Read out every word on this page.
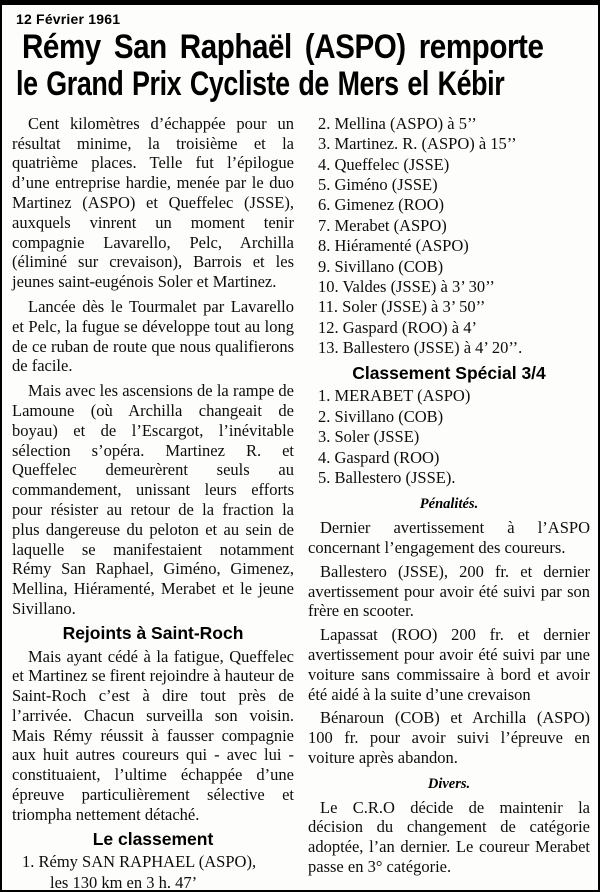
12 Février 1961
Rémy San Raphaël (ASPO) remporte
le Grand Prix Cycliste de Mers el Kébir

Cent kilomètres d’échappée pour un résultat minime, la troisième et la quatrième places. Telle fut l’épilogue d’une entreprise hardie, menée par le duo Martinez (ASPO) et Queffelec (JSSE), auxquels vinrent un moment tenir compagnie Lavarello, Pelc, Archilla (éliminé sur crevaison), Barrois et les jeunes saint-eugénois Soler et Martinez.

Lancée dès le Tourmalet par Lavarello et Pelc, la fugue se développe tout au long de ce ruban de route que nous qualifierons de facile.

Mais avec les ascensions de la rampe de Lamoune (où Archilla changeait de boyau) et de l’Escargot, l’inévitable sélection s’opéra. Martinez R. et Queffelec demeurèrent seuls au commandement, unissant leurs efforts pour résister au retour de la fraction la plus dangereuse du peloton et au sein de laquelle se manifestaient notamment Rémy San Raphael, Giméno, Gimenez, Mellina, Hiéramenté, Merabet et le jeune Sivillano.

Rejoints à Saint-Roch

Mais ayant cédé à la fatigue, Queffelec et Martinez se firent rejoindre à hauteur de Saint-Roch c’est à dire tout près de l’arrivée. Chacun surveilla son voisin. Mais Rémy réussit à fausser compagnie aux huit autres coureurs qui - avec lui - constituaient, l’ultime échappée d’une épreuve particulièrement sélective et triompha nettement détaché.

Le classement
1. Rémy SAN RAPHAEL (ASPO),
les 130 km en 3 h. 47’
2. Mellina (ASPO) à 5’’
3. Martinez. R. (ASPO) à 15’’
4. Queffelec (JSSE)
5. Giméno (JSSE)
6. Gimenez (ROO)
7. Merabet (ASPO)
8. Hiéramenté (ASPO)
9. Sivillano (COB)
10. Valdes (JSSE) à 3’ 30’’
11. Soler (JSSE) à 3’ 50’’
12. Gaspard (ROO) à 4’
13. Ballestero (JSSE) à 4’ 20’’.
Classement Spécial 3/4
1. MERABET (ASPO)
2. Sivillano (COB)
3. Soler (JSSE)
4. Gaspard (ROO)
5. Ballestero (JSSE).
Pénalités.

Dernier avertissement à l’ASPO concernant l’engagement des coureurs.

Ballestero (JSSE), 200 fr. et dernier avertissement pour avoir été suivi par son frère en scooter.

Lapassat (ROO) 200 fr. et dernier avertissement pour avoir été suivi par une voiture sans commissaire à bord et avoir été aidé à la suite d’une crevaison

Bénaroun (COB) et Archilla (ASPO) 100 fr. pour avoir suivi l’épreuve en voiture après abandon.

Divers.

Le C.R.O décide de maintenir la décision du changement de catégorie adoptée, l’an dernier. Le coureur Merabet passe en 3° catégorie.
